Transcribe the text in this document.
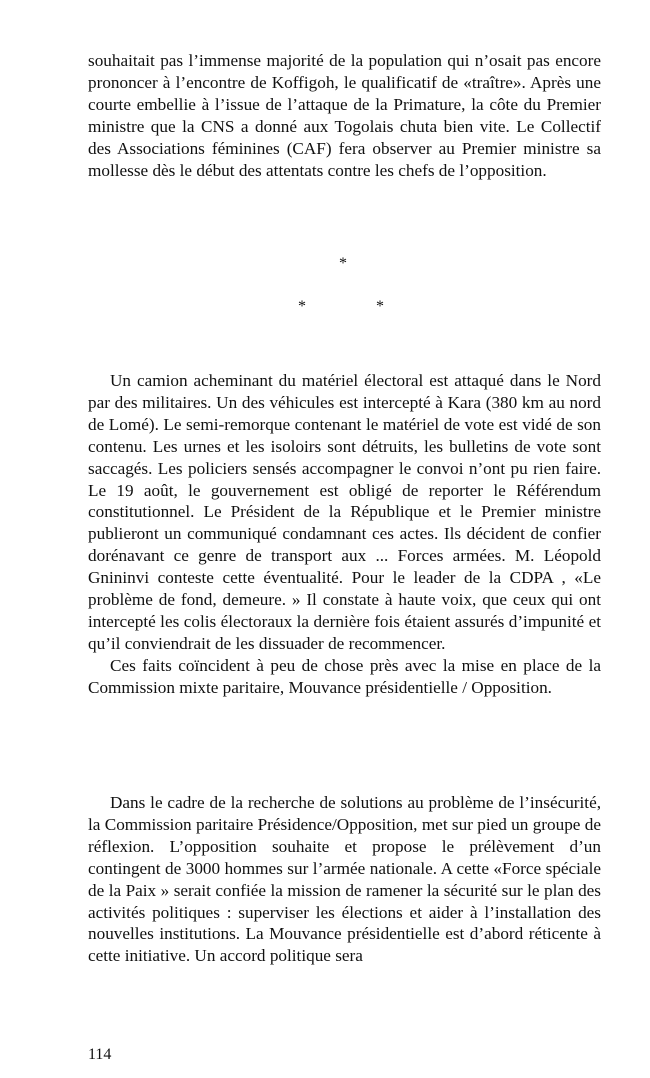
souhaitait pas l’immense majorité de la population qui n’osait pas encore prononcer à l’encontre de Koffigoh, le qualificatif de «traître». Après une courte embellie à l’issue de l’attaque de la Primature, la côte du Premier ministre que la CNS a donné aux Togolais chuta bien vite. Le Collectif des Associations féminines (CAF) fera observer au Premier ministre sa mollesse dès le début des attentats contre les chefs de l’opposition.

*
*	*

Un camion acheminant du matériel électoral est attaqué dans le Nord par des militaires. Un des véhicules est intercepté à Kara (380 km au nord de Lomé). Le semi-remorque contenant le matériel de vote est vidé de son contenu. Les urnes et les isoloirs sont détruits, les bulletins de vote sont saccagés. Les policiers sensés accompagner le convoi n’ont pu rien faire. Le 19 août, le gouvernement est obligé de reporter le Référendum constitutionnel. Le Président de la République et le Premier ministre publieront un communiqué condamnant ces actes. Ils décident de confier dorénavant ce genre de transport aux ... Forces armées. M. Léopold Gnininvi conteste cette éventualité. Pour le leader de la CDPA , «Le problème de fond, demeure. » Il constate à haute voix, que ceux qui ont intercepté les colis électoraux la dernière fois étaient assurés d’impunité et qu’il conviendrait de les dissuader de recommencer.

Ces faits coïncident à peu de chose près avec la mise en place de la Commission mixte paritaire, Mouvance présidentielle / Opposition.

Dans le cadre de la recherche de solutions au problème de l’insécurité, la Commission paritaire Présidence/Opposition, met sur pied un groupe de réflexion. L’opposition souhaite et propose le prélèvement d’un contingent de 3000 hommes sur l’armée nationale. A cette «Force spéciale de la Paix » serait confiée la mission de ramener la sécurité sur le plan des activités politiques : superviser les élections et aider à l’installation des nouvelles institutions. La Mouvance présidentielle est d’abord réticente à cette initiative. Un accord politique sera

114
